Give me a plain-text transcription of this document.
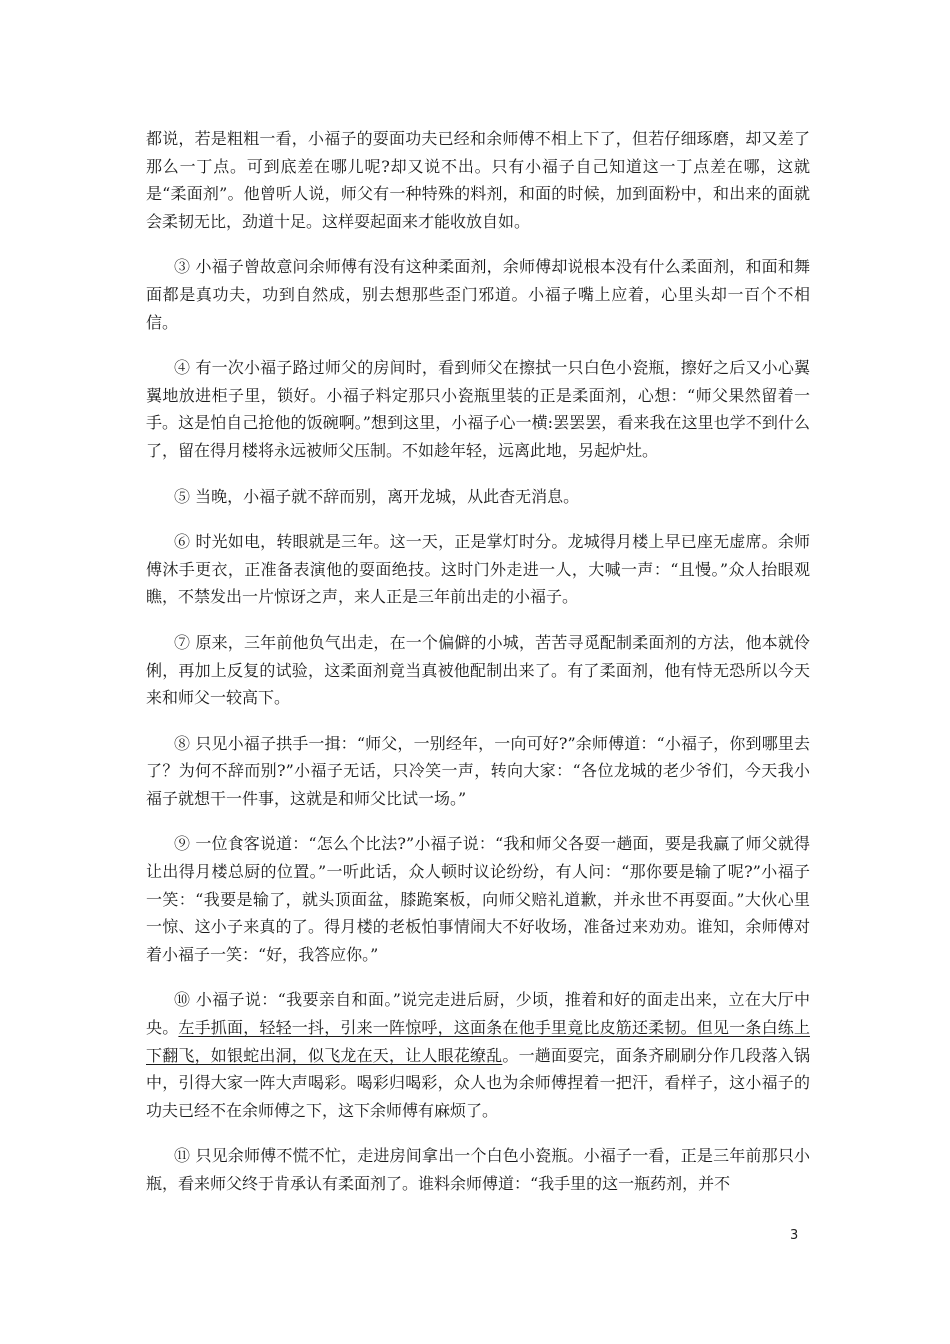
都说，若是粗粗一看，小福子的耍面功夫已经和余师傅不相上下了，但若仔细琢磨，却又差了那么一丁点。可到底差在哪儿呢?却又说不出。只有小福子自己知道这一丁点差在哪，这就是“柔面剂”。他曾听人说，师父有一种特殊的料剂，和面的时候，加到面粉中，和出来的面就会柔韧无比，劲道十足。这样耍起面来才能收放自如。

③ 小福子曾故意问余师傅有没有这种柔面剂，余师傅却说根本没有什么柔面剂，和面和舞面都是真功夫，功到自然成，别去想那些歪门邪道。小福子嘴上应着，心里头却一百个不相信。

④ 有一次小福子路过师父的房间时，看到师父在擦拭一只白色小瓷瓶，擦好之后又小心翼翼地放进柜子里，锁好。小福子料定那只小瓷瓶里装的正是柔面剂，心想：“师父果然留着一手。这是怕自己抢他的饭碗啊。”想到这里，小福子心一横:罢罢罢，看来我在这里也学不到什么了，留在得月楼将永远被师父压制。不如趁年轻，远离此地，另起炉灶。

⑤ 当晚，小福子就不辞而别，离开龙城，从此杳无消息。

⑥ 时光如电，转眼就是三年。这一天，正是掌灯时分。龙城得月楼上早已座无虚席。余师傅沐手更衣，正准备表演他的耍面绝技。这时门外走进一人，大喊一声：“且慢。”众人抬眼观瞧，不禁发出一片惊讶之声，来人正是三年前出走的小福子。

⑦ 原来，三年前他负气出走，在一个偏僻的小城，苦苦寻觅配制柔面剂的方法，他本就伶俐，再加上反复的试验，这柔面剂竟当真被他配制出来了。有了柔面剂，他有恃无恐所以今天来和师父一较高下。

⑧ 只见小福子拱手一揖：“师父，一别经年，一向可好?”余师傅道：“小福子，你到哪里去了？为何不辞而别?”小福子无话，只冷笑一声，转向大家：“各位龙城的老少爷们，今天我小福子就想干一件事，这就是和师父比试一场。”

⑨ 一位食客说道：“怎么个比法?”小福子说：“我和师父各耍一趟面，要是我赢了师父就得让出得月楼总厨的位置。”一听此话，众人顿时议论纷纷，有人问：“那你要是输了呢?”小福子一笑：“我要是输了，就头顶面盆，膝跪案板，向师父赔礼道歉，并永世不再耍面。”大伙心里一惊、这小子来真的了。得月楼的老板怕事情闹大不好收场，准备过来劝劝。谁知，余师傅对着小福子一笑：“好，我答应你。”

⑩ 小福子说：“我要亲自和面。”说完走进后厨，少顷，推着和好的面走出来，立在大厅中央。左手抓面，轻轻一抖，引来一阵惊呼，这面条在他手里竟比皮筋还柔韧。但见一条白练上下翻飞，如银蛇出洞，似飞龙在天，让人眼花缭乱。一趟面耍完，面条齐刷刷分作几段落入锅中，引得大家一阵大声喝彩。喝彩归喝彩，众人也为余师傅捏着一把汗，看样子，这小福子的功夫已经不在余师傅之下，这下余师傅有麻烦了。

⑪ 只见余师傅不慌不忙，走进房间拿出一个白色小瓷瓶。小福子一看，正是三年前那只小瓶，看来师父终于肯承认有柔面剂了。谁料余师傅道：“我手里的这一瓶药剂，并不

3
